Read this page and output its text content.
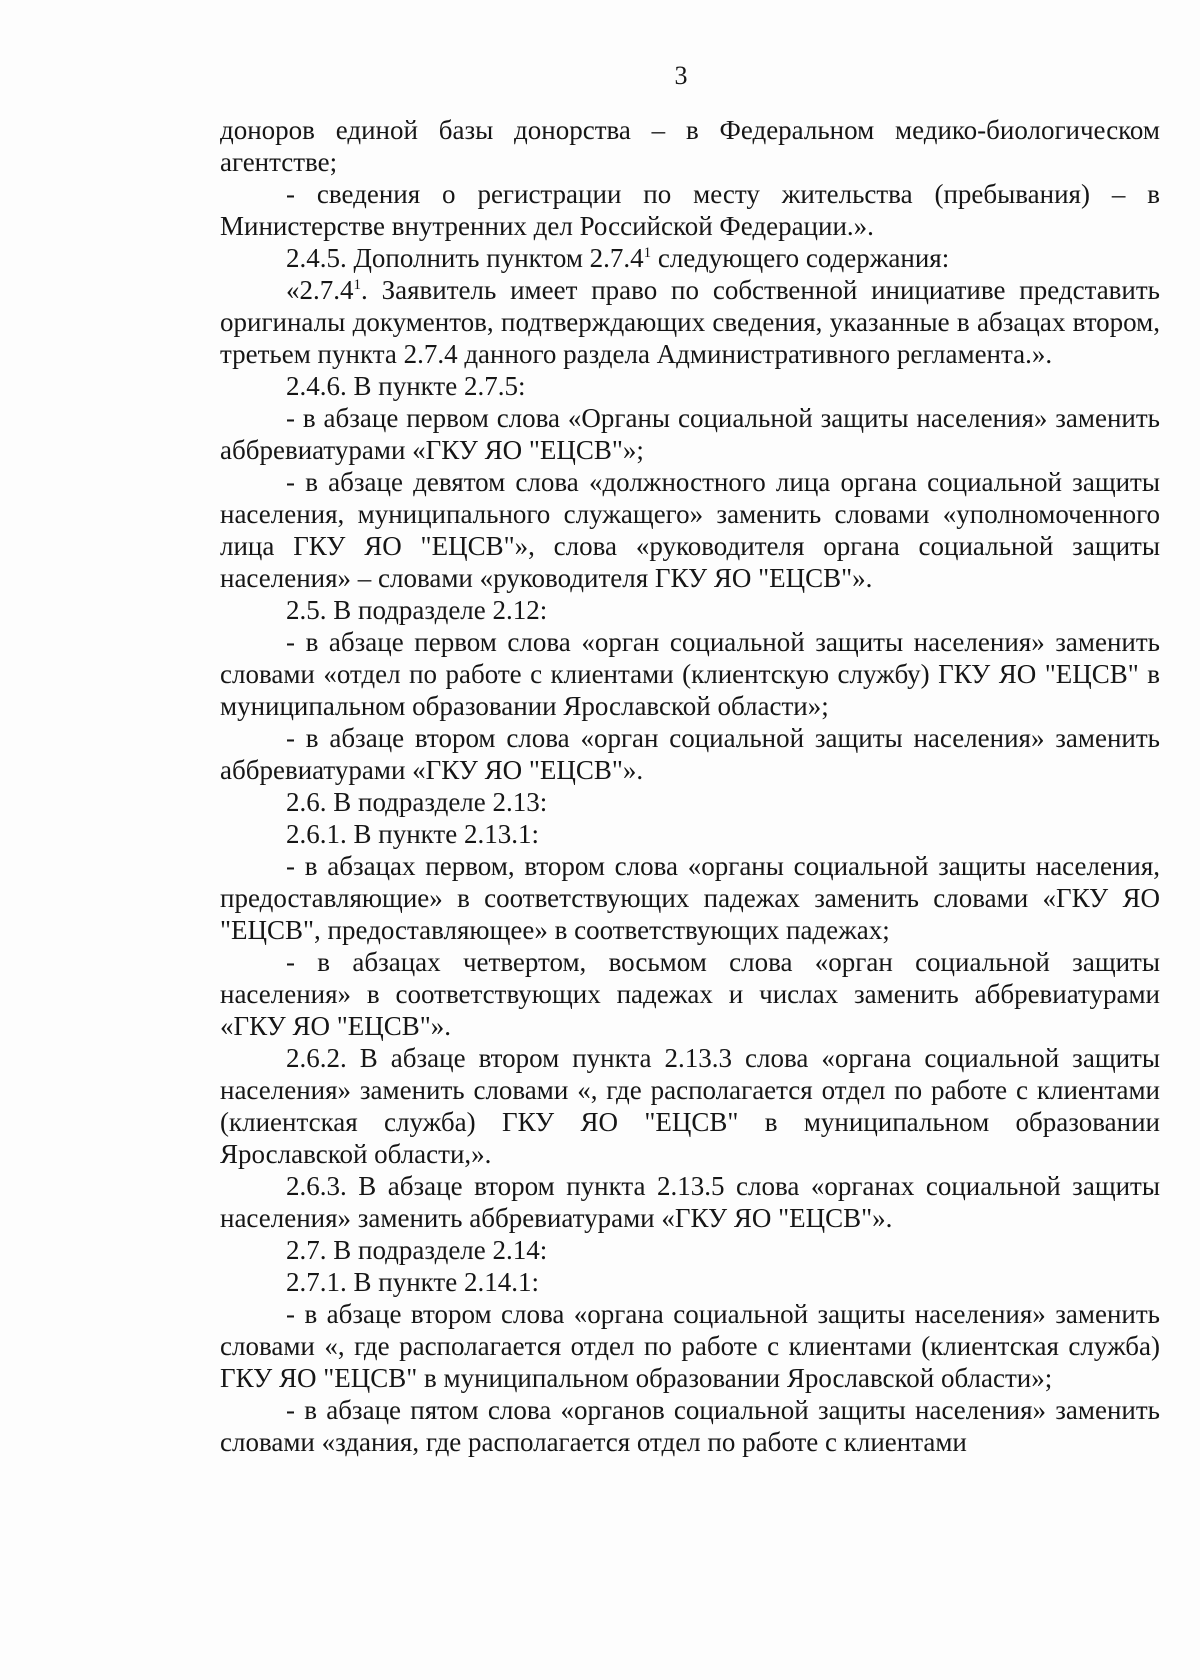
3

доноров единой базы донорства – в Федеральном медико-биологическом агентстве;

- сведения о регистрации по месту жительства (пребывания) – в Министерстве внутренних дел Российской Федерации.».

2.4.5. Дополнить пунктом 2.7.4$^1$ следующего содержания:

«2.7.4$^1$. Заявитель имеет право по собственной инициативе представить оригиналы документов, подтверждающих сведения, указанные в абзацах втором, третьем пункта 2.7.4 данного раздела Административного регламента.».

2.4.6. В пункте 2.7.5:

- в абзаце первом слова «Органы социальной защиты населения» заменить аббревиатурами «ГКУ ЯО "ЕЦСВ"»;

- в абзаце девятом слова «должностного лица органа социальной защиты населения, муниципального служащего» заменить словами «уполномоченного лица ГКУ ЯО "ЕЦСВ"», слова «руководителя органа социальной защиты населения» – словами «руководителя ГКУ ЯО "ЕЦСВ"».

2.5. В подразделе 2.12:

- в абзаце первом слова «орган социальной защиты населения» заменить словами «отдел по работе с клиентами (клиентскую службу) ГКУ ЯО "ЕЦСВ" в муниципальном образовании Ярославской области»;

- в абзаце втором слова «орган социальной защиты населения» заменить аббревиатурами «ГКУ ЯО "ЕЦСВ"».

2.6. В подразделе 2.13:

2.6.1. В пункте 2.13.1:

- в абзацах первом, втором слова «органы социальной защиты населения, предоставляющие» в соответствующих падежах заменить словами «ГКУ ЯО "ЕЦСВ", предоставляющее» в соответствующих падежах;

- в абзацах четвертом, восьмом слова «орган социальной защиты населения» в соответствующих падежах и числах заменить аббревиатурами «ГКУ ЯО "ЕЦСВ"».

2.6.2. В абзаце втором пункта 2.13.3 слова «органа социальной защиты населения» заменить словами «, где располагается отдел по работе с клиентами (клиентская служба) ГКУ ЯО "ЕЦСВ" в муниципальном образовании Ярославской области,».

2.6.3. В абзаце втором пункта 2.13.5 слова «органах социальной защиты населения» заменить аббревиатурами «ГКУ ЯО "ЕЦСВ"».

2.7. В подразделе 2.14:

2.7.1. В пункте 2.14.1:

- в абзаце втором слова «органа социальной защиты населения» заменить словами «, где располагается отдел по работе с клиентами (клиентская служба) ГКУ ЯО "ЕЦСВ" в муниципальном образовании Ярославской области»;

- в абзаце пятом слова «органов социальной защиты населения» заменить словами «здания, где располагается отдел по работе с клиентами
